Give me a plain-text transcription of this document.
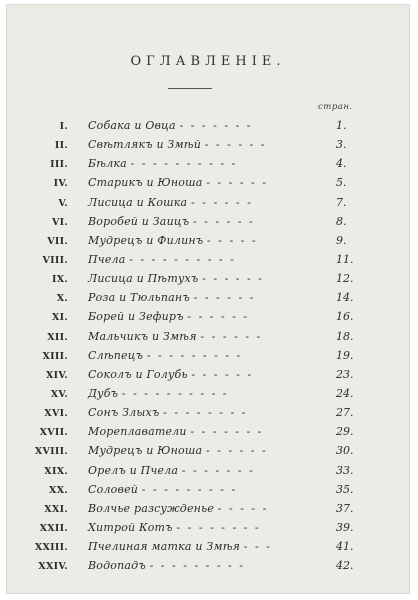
ОГЛАВЛЕНІЕ.
стран.
I. Собака и Овца - - - - - - -	1.
II. Свѣтлякъ и Змѣй - - - - - -	3.
III. Бѣлка - - - - - - - - - -	4.
IV. Старикъ и Юноша - - - - - -	5.
V. Лисица и Кошка - - - - - -	7.
VI. Воробей и Заицъ - - - - - -	8.
VII. Мудрецъ и Филинъ - - - - -	9.
VIII. Пчела - - - - - - - - - -	11.
IX. Лисица и Пѣтухъ - - - - - -	12.
X. Роза и Тюльпанъ - - - - - -	14.
XI. Борей и Зефиръ - - - - - -	16.
XII. Мальчикъ и Змѣя - - - - - -	18.
XIII. Слѣпецъ - - - - - - - - -	19.
XIV. Соколъ и Голубь - - - - - -	23.
XV. Дубъ - - - - - - - - - -	24.
XVI. Сонъ Злыхъ - - - - - - - -	27.
XVII. Мореплаватели - - - - - - -	29.
XVIII. Мудрецъ и Юноша - - - - - -	30.
XIX. Орелъ и Пчела - - - - - - -	33.
XX. Соловей - - - - - - - - -	35.
XXI. Волчье разсужденье - - - - -	37.
XXII. Хитрой Котъ - - - - - - - -	39.
XXIII. Пчелиная матка и Змѣя - - -	41.
XXIV. Водопадъ - - - - - - - - -	42.
